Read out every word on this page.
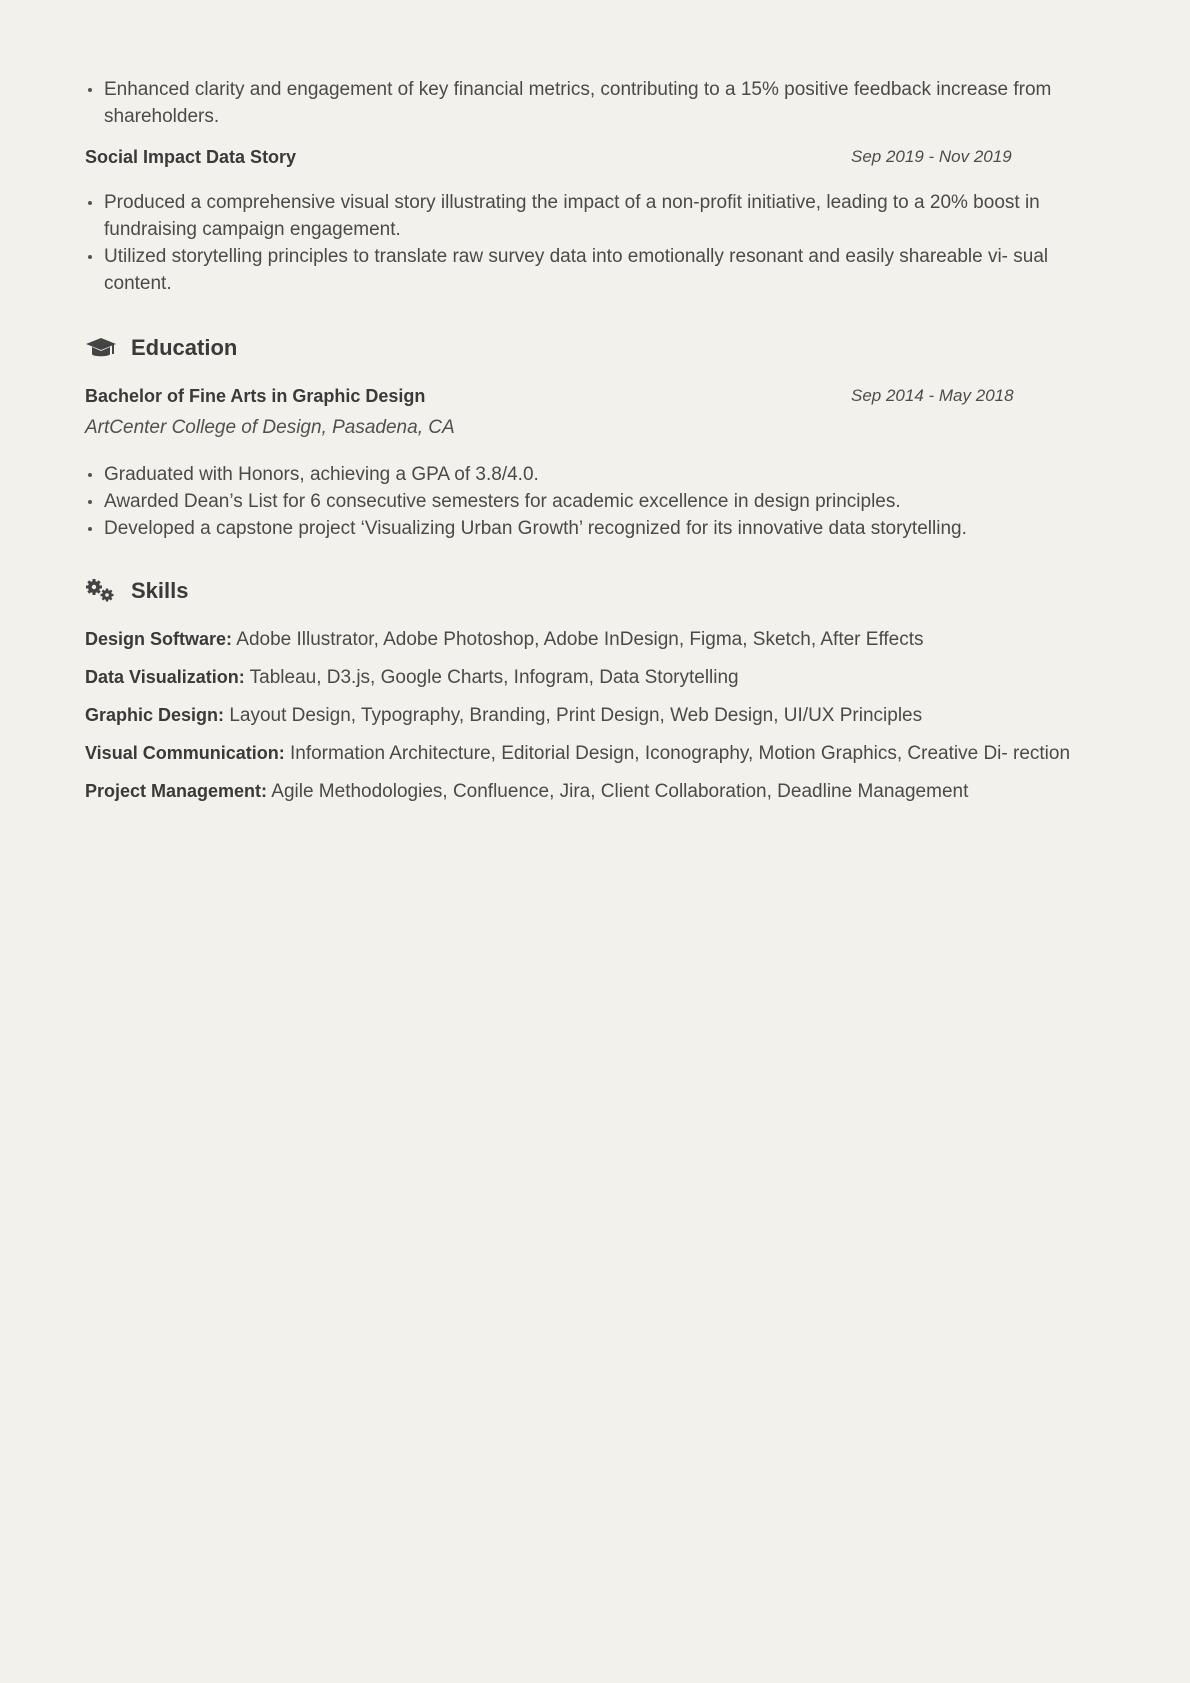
Enhanced clarity and engagement of key financial metrics, contributing to a 15% positive feedback increase from shareholders.
Social Impact Data Story	Sep 2019 - Nov 2019
Produced a comprehensive visual story illustrating the impact of a non-profit initiative, leading to a 20% boost in fundraising campaign engagement.
Utilized storytelling principles to translate raw survey data into emotionally resonant and easily shareable vi- sual content.
Education
Bachelor of Fine Arts in Graphic Design	Sep 2014 - May 2018
ArtCenter College of Design, Pasadena, CA
Graduated with Honors, achieving a GPA of 3.8/4.0.
Awarded Dean’s List for 6 consecutive semesters for academic excellence in design principles.
Developed a capstone project ‘Visualizing Urban Growth’ recognized for its innovative data storytelling.
Skills
Design Software: Adobe Illustrator, Adobe Photoshop, Adobe InDesign, Figma, Sketch, After Effects
Data Visualization: Tableau, D3.js, Google Charts, Infogram, Data Storytelling
Graphic Design: Layout Design, Typography, Branding, Print Design, Web Design, UI/UX Principles
Visual Communication: Information Architecture, Editorial Design, Iconography, Motion Graphics, Creative Di- rection
Project Management: Agile Methodologies, Confluence, Jira, Client Collaboration, Deadline Management
